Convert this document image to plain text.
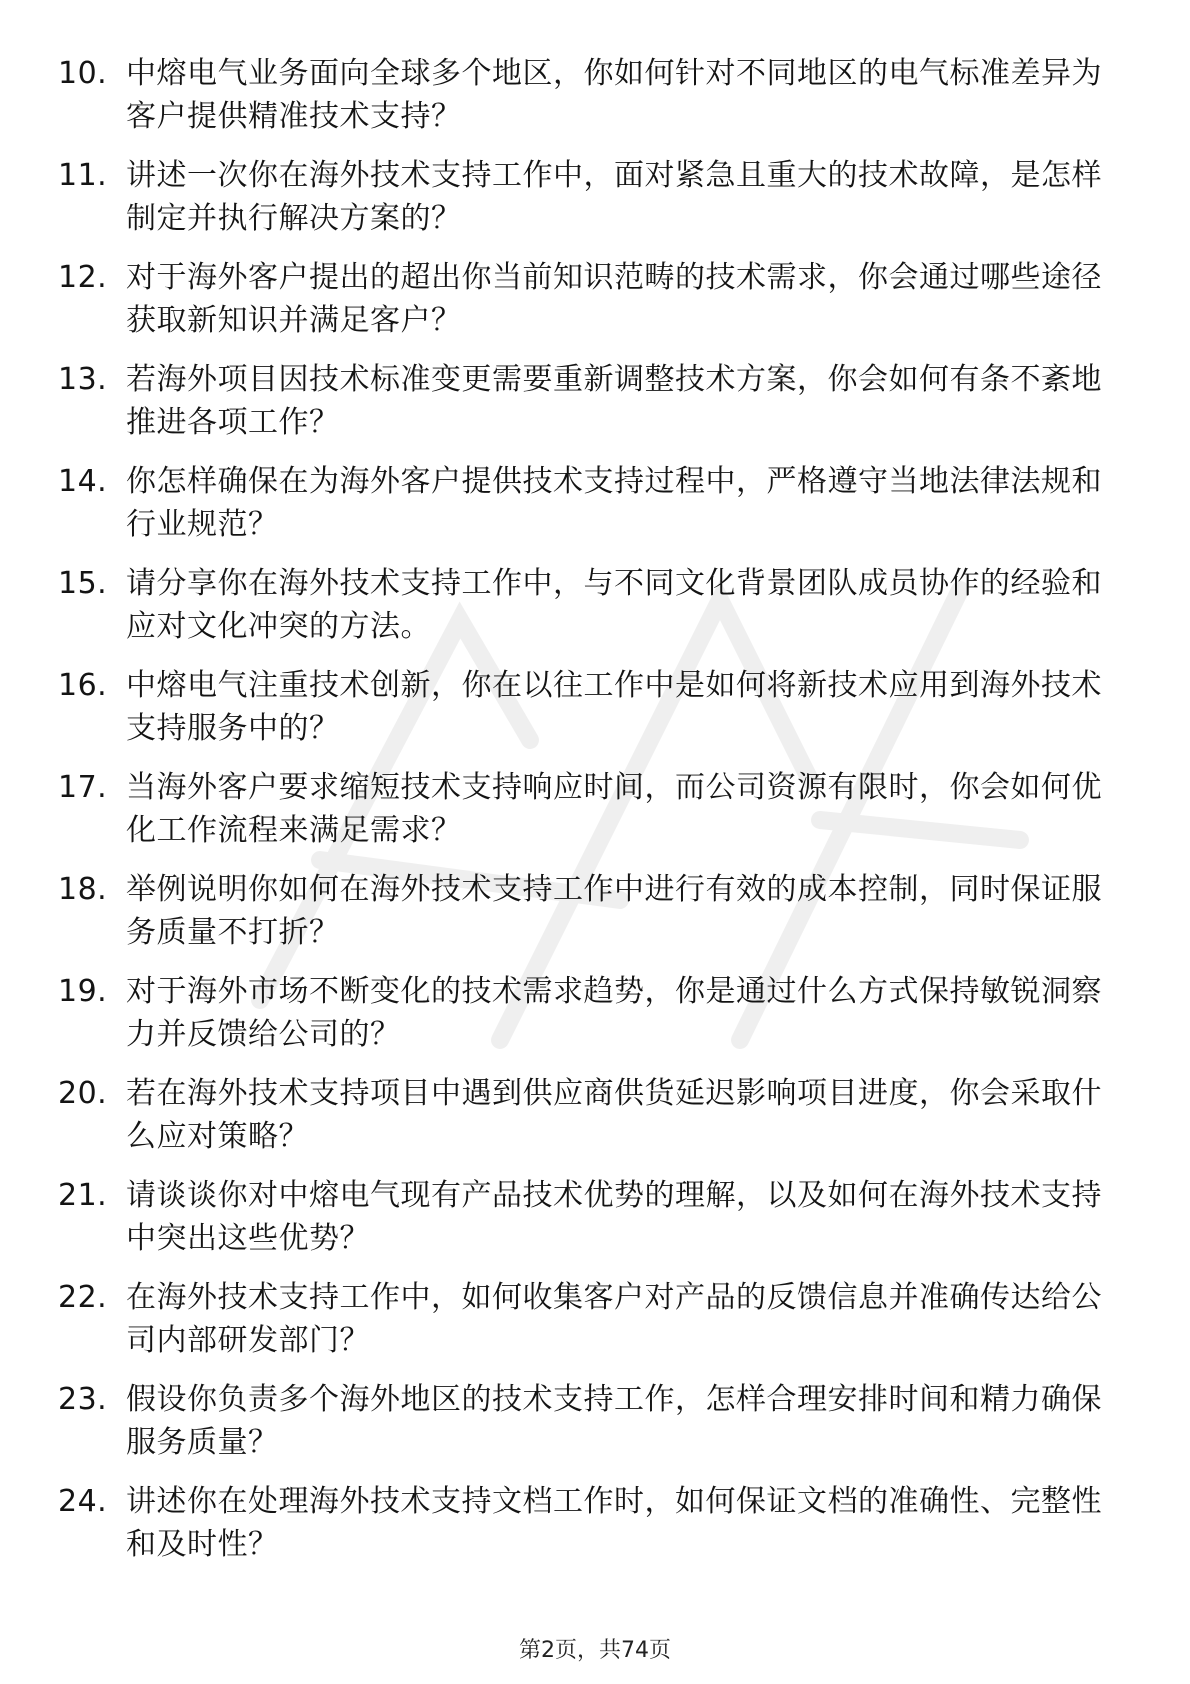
10. 中熔电气业务面向全球多个地区，你如何针对不同地区的电气标准差异为客户提供精准技术支持？
11. 讲述一次你在海外技术支持工作中，面对紧急且重大的技术故障，是怎样制定并执行解决方案的？
12. 对于海外客户提出的超出你当前知识范畴的技术需求，你会通过哪些途径获取新知识并满足客户？
13. 若海外项目因技术标准变更需要重新调整技术方案，你会如何有条不紊地推进各项工作？
14. 你怎样确保在为海外客户提供技术支持过程中，严格遵守当地法律法规和行业规范？
15. 请分享你在海外技术支持工作中，与不同文化背景团队成员协作的经验和应对文化冲突的方法。
16. 中熔电气注重技术创新，你在以往工作中是如何将新技术应用到海外技术支持服务中的？
17. 当海外客户要求缩短技术支持响应时间，而公司资源有限时，你会如何优化工作流程来满足需求？
18. 举例说明你如何在海外技术支持工作中进行有效的成本控制，同时保证服务质量不打折？
19. 对于海外市场不断变化的技术需求趋势，你是通过什么方式保持敏锐洞察力并反馈给公司的？
20. 若在海外技术支持项目中遇到供应商供货延迟影响项目进度，你会采取什么应对策略？
21. 请谈谈你对中熔电气现有产品技术优势的理解，以及如何在海外技术支持中突出这些优势？
22. 在海外技术支持工作中，如何收集客户对产品的反馈信息并准确传达给公司内部研发部门？
23. 假设你负责多个海外地区的技术支持工作，怎样合理安排时间和精力确保服务质量？
24. 讲述你在处理海外技术支持文档工作时，如何保证文档的准确性、完整性和及时性？
第2页，共74页
